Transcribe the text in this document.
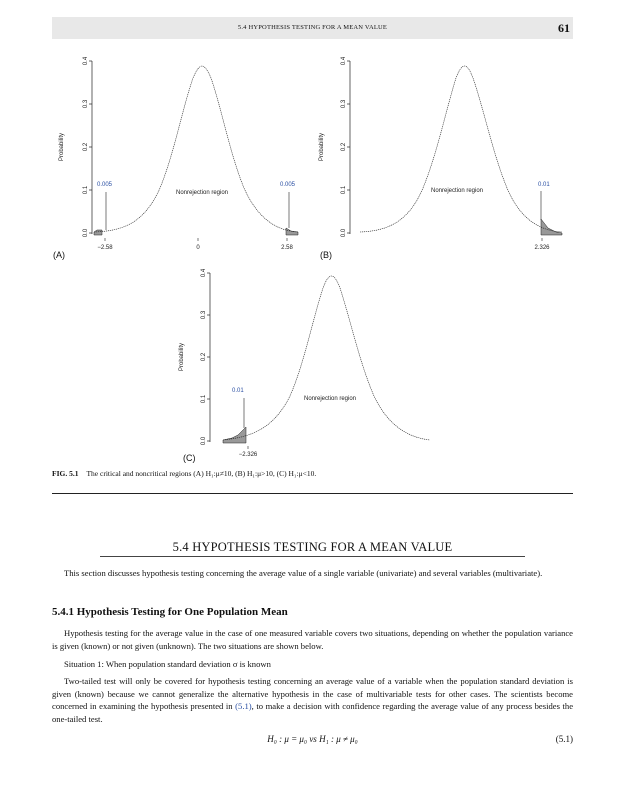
5.4 HYPOTHESIS TESTING FOR A MEAN VALUE	61
0.0
0.1
0.2
0.3
0.4
Probability
0.005	0.005
Nonrejection region
−2.58	0	2.58
(A)
0.0
0.1
0.2
0.3
0.4
Probability
0.01
Nonrejection region
2.326
(B)
0.0
0.1
0.2
0.3
0.4
Probability
0.01
Nonrejection region
−2.326
(C)
FIG. 5.1 The critical and noncritical regions (A) H₁:μ≠10, (B) H₁:μ>10, (C) H₁:μ<10.
5.4 HYPOTHESIS TESTING FOR A MEAN VALUE
This section discusses hypothesis testing concerning the average value of a single variable (univariate) and several variables (multivariate).
5.4.1 Hypothesis Testing for One Population Mean
Hypothesis testing for the average value in the case of one measured variable covers two situations, depending on whether the population variance is given (known) or not given (unknown). The two situations are shown below.
Situation 1: When population standard deviation σ is known
Two-tailed test will only be covered for hypothesis testing concerning an average value of a variable when the population standard deviation is given (known) because we cannot generalize the alternative hypothesis in the case of multivariable tests for other cases. The scientists become concerned in examining the hypothesis presented in (5.1), to make a decision with confidence regarding the average value of any process besides the one-tailed test.
H₀ : μ = μ₀ vs H₁ : μ ≠ μ₀	(5.1)
